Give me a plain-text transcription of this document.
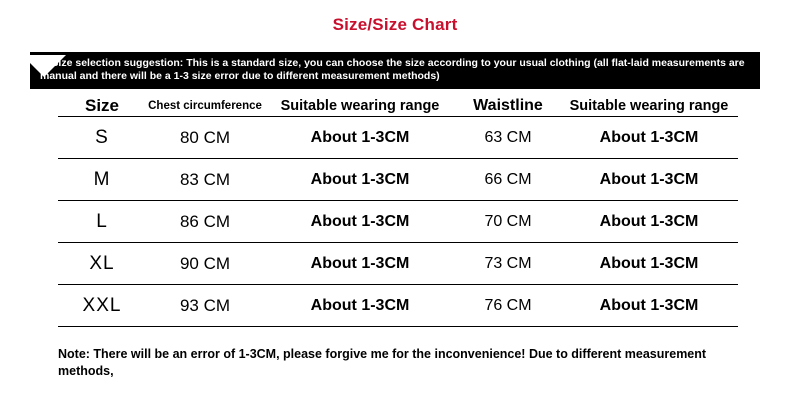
Size/Size Chart
⚠ Size selection suggestion: This is a standard size, you can choose the size according to your usual clothing (all flat-laid measurements are manual and there will be a 1-3 size error due to different measurement methods)
Size	Chest circumference	Suitable wearing range	Waistline	Suitable wearing range
S	80 CM	About 1-3CM	63 CM	About 1-3CM
M	83 CM	About 1-3CM	66 CM	About 1-3CM
L	86 CM	About 1-3CM	70 CM	About 1-3CM
XL	90 CM	About 1-3CM	73 CM	About 1-3CM
XXL	93 CM	About 1-3CM	76 CM	About 1-3CM
Note: There will be an error of 1-3CM, please forgive me for the inconvenience! Due to different measurement methods,
